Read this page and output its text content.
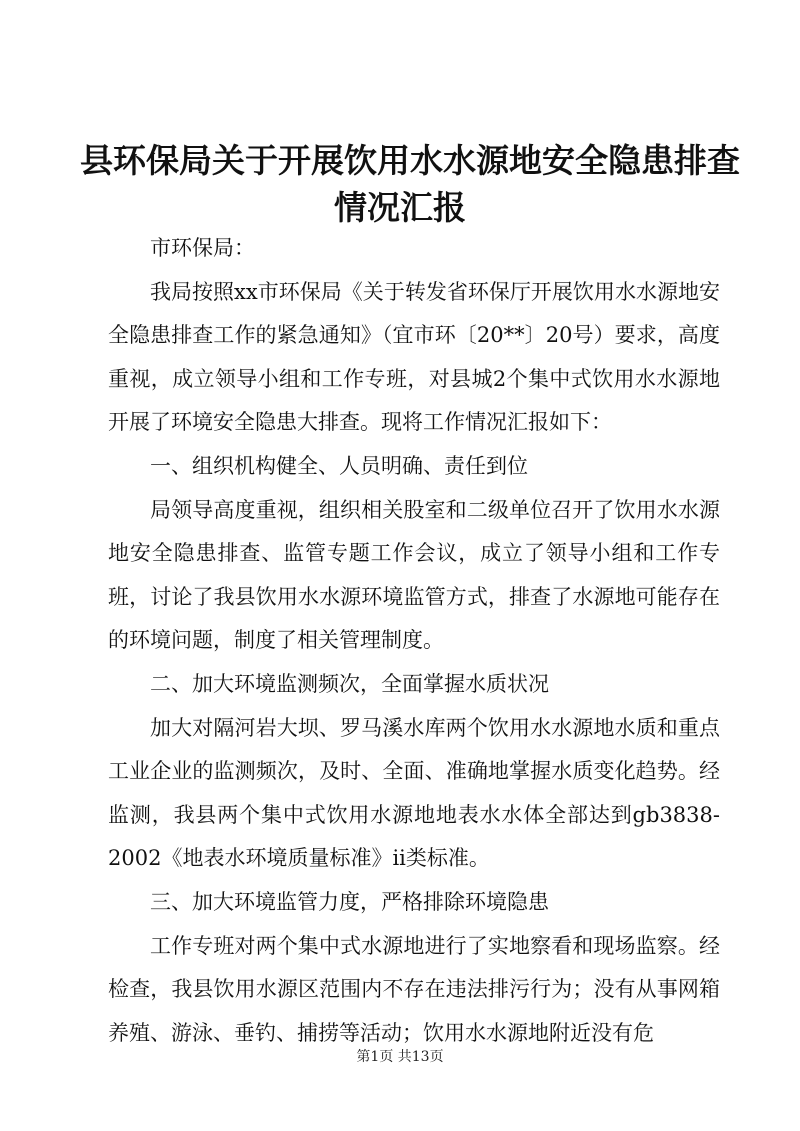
县环保局关于开展饮用水水源地安全隐患排查
情况汇报

市环保局：

我局按照xx市环保局《关于转发省环保厅开展饮用水水源地安全隐患排查工作的紧急通知》（宜市环〔20**〕20号）要求，高度重视，成立领导小组和工作专班，对县城2个集中式饮用水水源地开展了环境安全隐患大排查。现将工作情况汇报如下：

一、组织机构健全、人员明确、责任到位

局领导高度重视，组织相关股室和二级单位召开了饮用水水源地安全隐患排查、监管专题工作会议，成立了领导小组和工作专班，讨论了我县饮用水水源环境监管方式，排查了水源地可能存在的环境问题，制度了相关管理制度。

二、加大环境监测频次，全面掌握水质状况

加大对隔河岩大坝、罗马溪水库两个饮用水水源地水质和重点工业企业的监测频次，及时、全面、准确地掌握水质变化趋势。经监测，我县两个集中式饮用水源地地表水水体全部达到gb3838-2002《地表水环境质量标准》ii类标准。

三、加大环境监管力度，严格排除环境隐患

工作专班对两个集中式水源地进行了实地察看和现场监察。经检查，我县饮用水源区范围内不存在违法排污行为；没有从事网箱养殖、游泳、垂钓、捕捞等活动；饮用水水源地附近没有危

第1页 共13页
